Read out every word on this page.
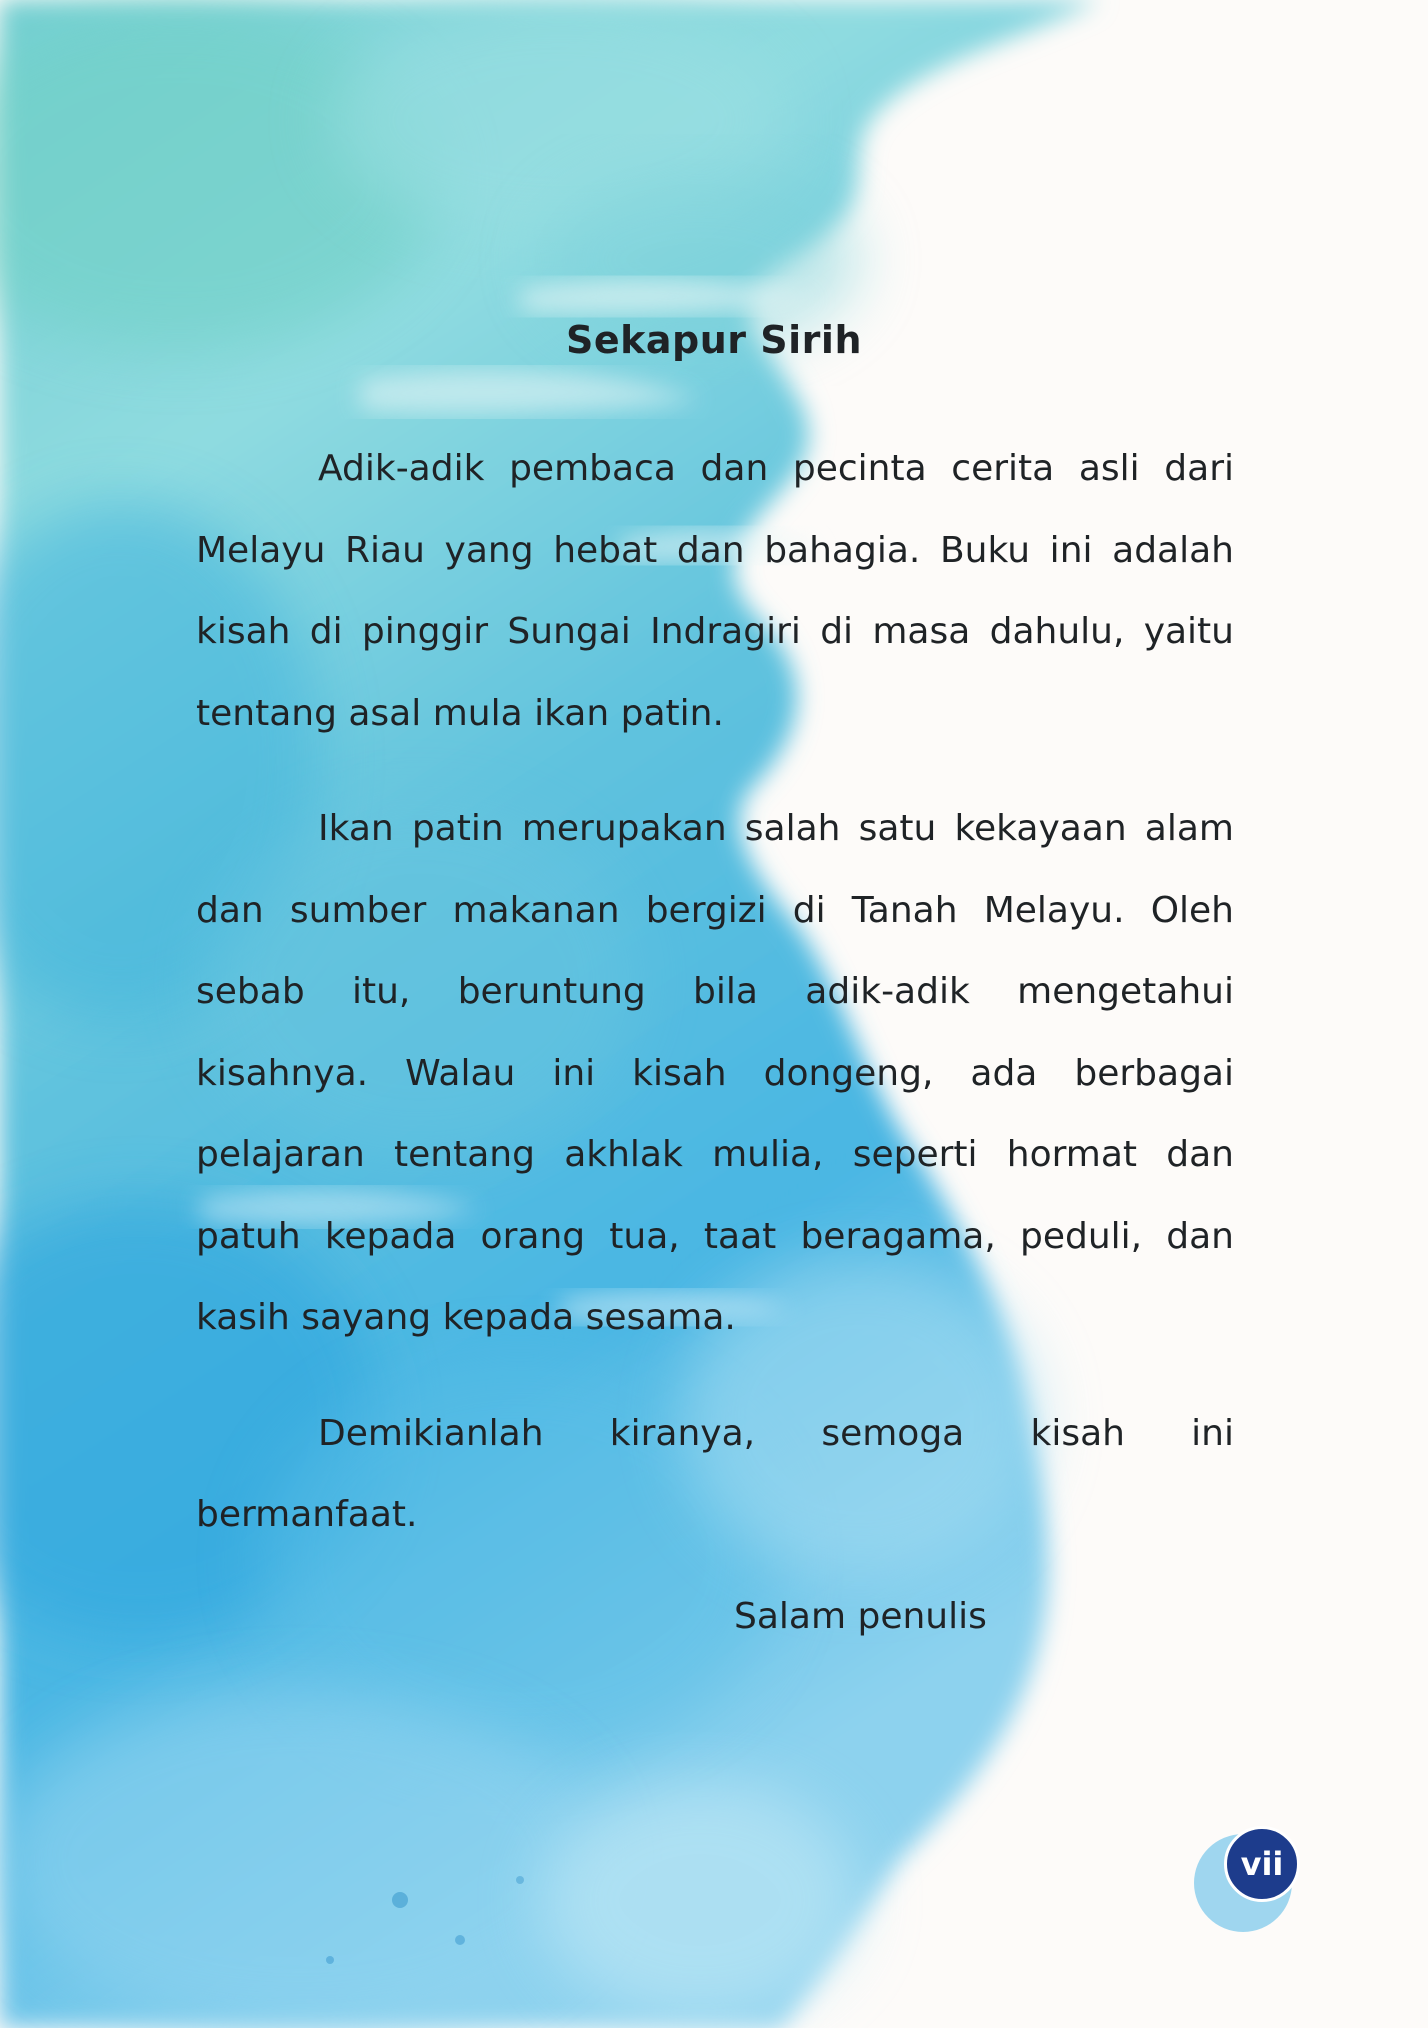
Sekapur Sirih

Adik-adik pembaca dan pecinta cerita asli dari Melayu Riau yang hebat dan bahagia. Buku ini adalah kisah di pinggir Sungai Indragiri di masa dahulu, yaitu tentang asal mula ikan patin.

Ikan patin merupakan salah satu kekayaan alam dan sumber makanan bergizi di Tanah Melayu. Oleh sebab itu, beruntung bila adik-adik mengetahui kisahnya. Walau ini kisah dongeng, ada berbagai pelajaran tentang akhlak mulia, seperti hormat dan patuh kepada orang tua, taat beragama, peduli, dan kasih sayang kepada sesama.

Demikianlah kiranya, semoga kisah ini bermanfaat.

Salam penulis

vii
